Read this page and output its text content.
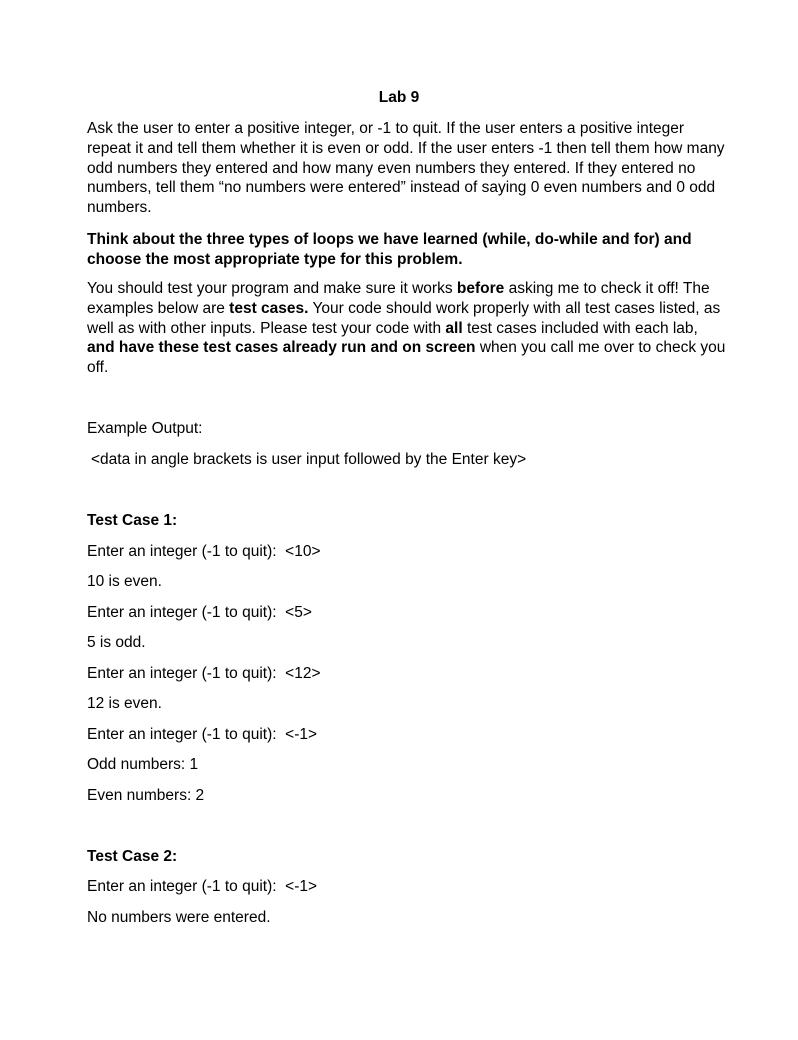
Lab 9
Ask the user to enter a positive integer, or -1 to quit. If the user enters a positive integer repeat it and tell them whether it is even or odd. If the user enters -1 then tell them how many odd numbers they entered and how many even numbers they entered. If they entered no numbers, tell them “no numbers were entered” instead of saying 0 even numbers and 0 odd numbers.
Think about the three types of loops we have learned (while, do-while and for) and choose the most appropriate type for this problem.
You should test your program and make sure it works before asking me to check it off! The examples below are test cases. Your code should work properly with all test cases listed, as well as with other inputs. Please test your code with all test cases included with each lab, and have these test cases already run and on screen when you call me over to check you off.
Example Output:
<data in angle brackets is user input followed by the Enter key>
Test Case 1:
Enter an integer (-1 to quit):  <10>
10 is even.
Enter an integer (-1 to quit):  <5>
5 is odd.
Enter an integer (-1 to quit):  <12>
12 is even.
Enter an integer (-1 to quit):  <-1>
Odd numbers: 1
Even numbers: 2
Test Case 2:
Enter an integer (-1 to quit):  <-1>
No numbers were entered.
